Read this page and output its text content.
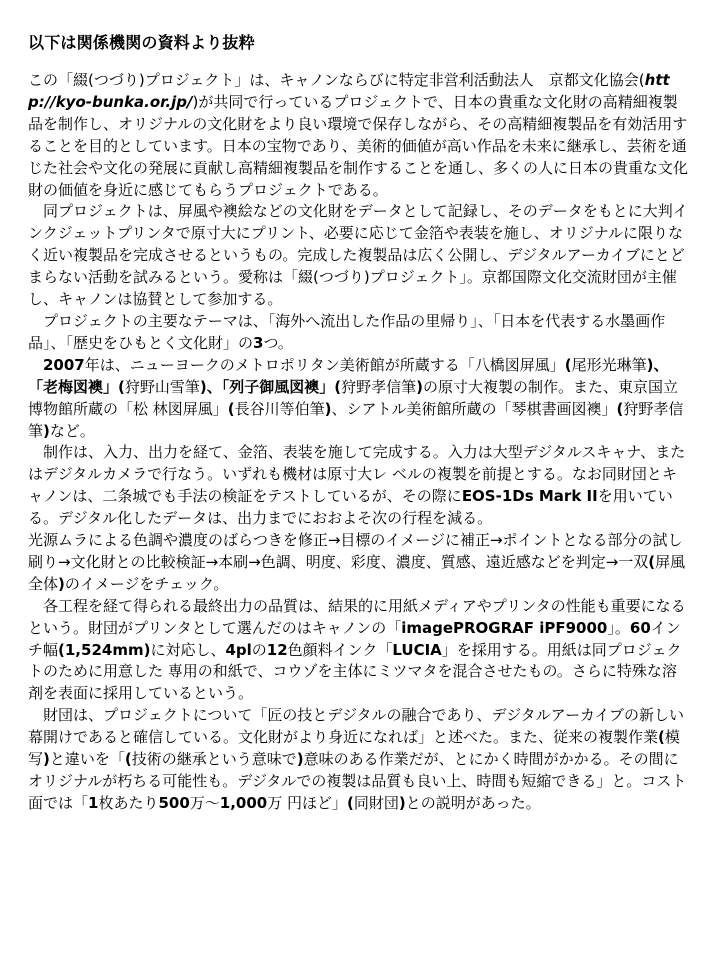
以下は関係機関の資料より抜粋

この「綴(つづり)プロジェクト」は、キャノンならびに特定非営利活動法人　京都文化協会(http://kyo-bunka.or.jp/)が共同で行っているプロジェクトで、日本の貴重な文化財の高精細複製品を制作し、オリジナルの文化財をより良い環境で保存しながら、その高精細複製品を有効活用することを目的としています。日本の宝物であり、美術的価値が高い作品を未来に継承し、芸術を通じた社会や文化の発展に貢献し高精細複製品を制作することを通し、多くの人に日本の貴重な文化財の価値を身近に感じてもらうプロジェクトである。

同プロジェクトは、屏風や襖絵などの文化財をデータとして記録し、そのデータをもとに大判インクジェットプリンタで原寸大にプリント、必要に応じて金箔や表装を施し、オリジナルに限りなく近い複製品を完成させるというもの。完成した複製品は広く公開し、デジタルアーカイブにとどまらない活動を試みるという。愛称は「綴(つづり)プロジェクト」。京都国際文化交流財団が主催し、キャノンは協賛として参加する。

プロジェクトの主要なテーマは、「海外へ流出した作品の里帰り」、「日本を代表する水墨画作品」、「歴史をひもとく文化財」の3つ。

2007年は、ニューヨークのメトロポリタン美術館が所蔵する「八橋図屏風」(尾形光琳筆)、「老梅図襖」(狩野山雪筆)、「列子御風図襖」(狩野孝信筆)の原寸大複製の制作。また、東京国立博物館所蔵の「松 林図屏風」(長谷川等伯筆)、シアトル美術館所蔵の「琴棋書画図襖」(狩野孝信筆)など。

制作は、入力、出力を経て、金箔、表装を施して完成する。入力は大型デジタルスキャナ、またはデジタルカメラで行なう。いずれも機材は原寸大レ ベルの複製を前提とする。なお同財団とキャノンは、二条城でも手法の検証をテストしているが、その際にEOS-1Ds Mark IIを用いている。デジタル化したデータは、出力までにおおよそ次の行程を減る。

光源ムラによる色調や濃度のばらつきを修正→目標のイメージに補正→ポイントとなる部分の試し刷り→文化財との比較検証→本刷→色調、明度、彩度、濃度、質感、遠近感などを判定→一双(屏風全体)のイメージをチェック。

各工程を経て得られる最終出力の品質は、結果的に用紙メディアやプリンタの性能も重要になるという。財団がプリンタとして選んだのはキャノンの「imagePROGRAF iPF9000」。60インチ幅(1,524mm)に対応し、4plの12色顔料インク「LUCIA」を採用する。用紙は同プロジェクトのために用意した 専用の和紙で、コウゾを主体にミツマタを混合させたもの。さらに特殊な溶剤を表面に採用しているという。

財団は、プロジェクトについて「匠の技とデジタルの融合であり、デジタルアーカイブの新しい幕開けであると確信している。文化財がより身近になれば」と述べた。また、従来の複製作業(模写)と違いを「(技術の継承という意味で)意味のある作業だが、とにかく時間がかかる。その間にオリジナルが朽ちる可能性も。デジタルでの複製は品質も良い上、時間も短縮できる」と。コスト面では「1枚あたり500万〜1,000万 円ほど」(同財団)との説明があった。
